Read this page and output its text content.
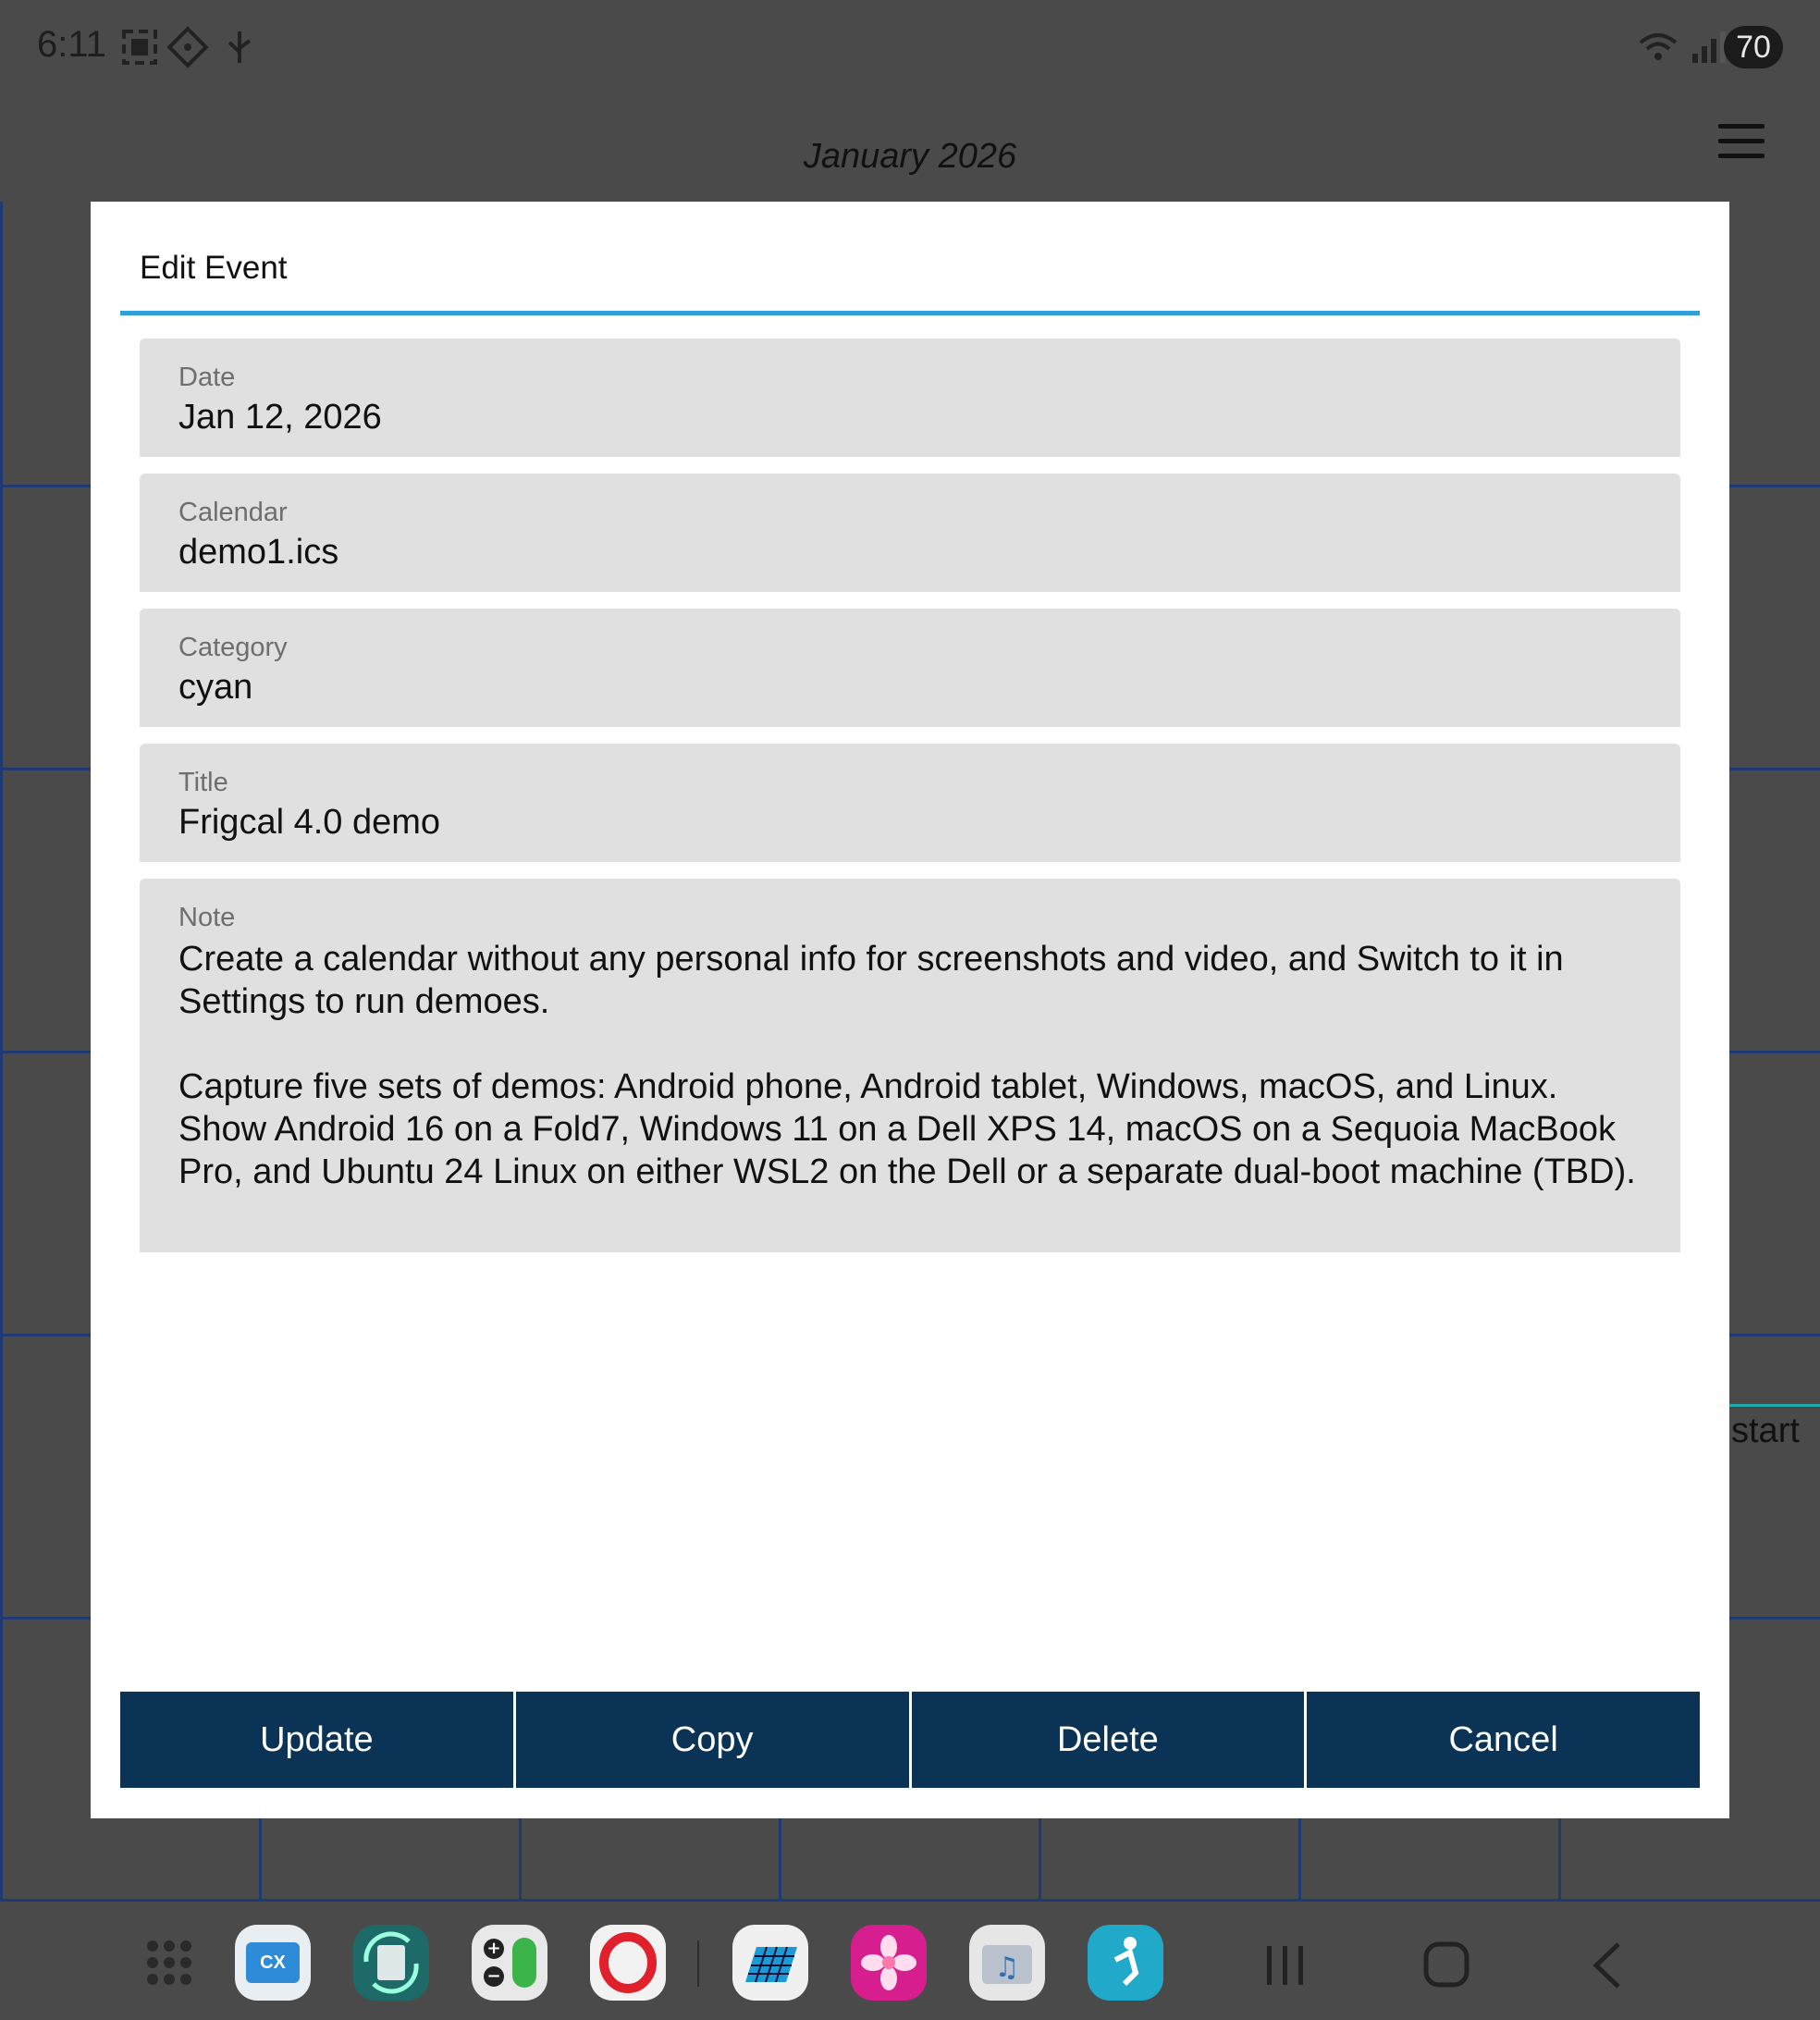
6:11	70
January 2026
start
Edit Event
Date
Jan 12, 2026
Calendar
demo1.ics
Category
cyan
Title
Frigcal 4.0 demo
Note
Create a calendar without any personal info for screenshots and video, and Switch to it in Settings to run demoes.

Capture five sets of demos: Android phone, Android tablet, Windows, macOS, and Linux. Show Android 16 on a Fold7, Windows 11 on a Dell XPS 14, macOS on a Sequoia MacBook Pro, and Ubuntu 24 Linux on either WSL2 on the Dell or a separate dual-boot machine (TBD).
Update	Copy	Delete	Cancel
CX
+
−	♫
